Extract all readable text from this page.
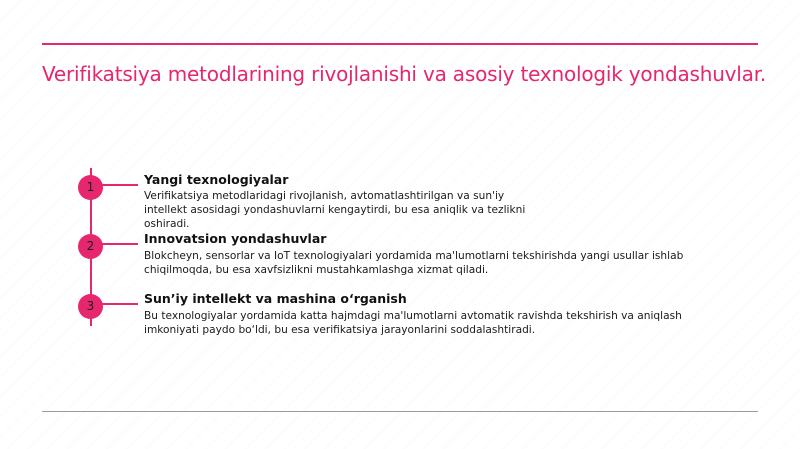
Verifikatsiya metodlarining rivojlanishi va asosiy texnologik yondashuvlar.
1	Yangi texnologiyalar
Verifikatsiya metodlaridagi rivojlanish, avtomatlashtirilgan va sun'iy intellekt asosidagi yondashuvlarni kengaytirdi, bu esa aniqlik va tezlikni oshiradi.
2	Innovatsion yondashuvlar
Blokcheyn, sensorlar va IoT texnologiyalari yordamida ma'lumotlarni tekshirishda yangi usullar ishlab chiqilmoqda, bu esa xavfsizlikni mustahkamlashga xizmat qiladi.
3	Sun’iy intellekt va mashina o‘rganish
Bu texnologiyalar yordamida katta hajmdagi ma'lumotlarni avtomatik ravishda tekshirish va aniqlash imkoniyati paydo bo‘ldi, bu esa verifikatsiya jarayonlarini soddalashtiradi.
